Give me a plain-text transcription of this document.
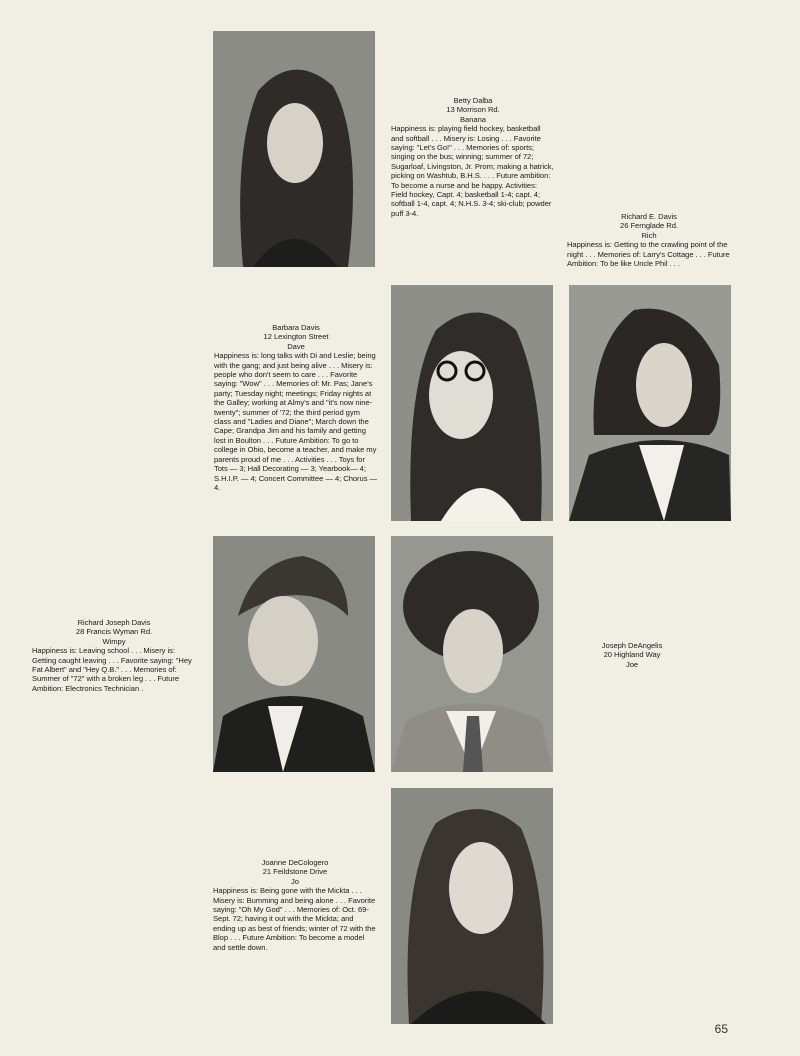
Betty Dalba
13 Morrison Rd.
Banana
Happiness is: playing field hockey, basketball and softball . . . Misery is: Losing . . . Favorite saying: "Let's Go!" . . . Memories of: sports; singing on the bus; winning; summer of 72; Sugarloaf, Livingston, Jr. Prom; making a hatrick, picking on Washtub, B.H.S. . . . Future ambition: To become a nurse and be happy. Activities: Field hockey, Capt. 4; basketball 1-4; capt. 4; softball 1-4, capt. 4; N.H.S. 3-4; ski-club; powder puff 3-4.	Richard E. Davis
26 Fernglade Rd.
Rich
Happiness is: Getting to the crawling point of the night . . . Memories of: Larry's Cottage . . . Future Ambition: To be like Uncle Phil . . .
Barbara Davis
12 Lexington Street
Dave
Happiness is: long talks with Di and Leslie; being with the gang; and just being alive . . . Misery is: people who don't seem to care . . . Favorite saying: "Wow" . . . Memories of: Mr. Pas; Jane's party; Tuesday night; meetings; Friday nights at the Galley; working at Almy's and "it's now nine-twenty"; summer of '72; the third period gym class and "Ladies and Diane"; March down the Cape; Grandpa Jim and his family and getting lost in Boulton . . . Future Ambition: To go to college in Ohio, become a teacher, and make my parents proud of me . . . Activities . . . Toys for Tots — 3; Hall Decorating — 3; Yearbook— 4; S.H.I.P. — 4; Concert Committee — 4; Chorus — 4.
Richard Joseph Davis
28 Francis Wyman Rd.
Wimpy
Happiness is: Leaving school . . . Misery is: Getting caught leaving . . . Favorite saying: "Hey Fat Albert" and "Hey Q.B." . . . Memories of: Summer of "72" with a broken leg . . . Future Ambition: Electronics Technician .
Joseph DeAngelis
20 Highland Way
Joe
Joanne DeCologero
21 Feildstone Drive
Jo
Happiness is: Being gone with the Mickta . . . Misery is: Bumming and being alone . . . Favorite saying: "Oh My God" . . . Memories of: Oct. 69-Sept. 72; having it out with the Mickta; and ending up as best of friends; winter of 72 with the Blop . . . Future Ambition: To become a model and settle down.
65
